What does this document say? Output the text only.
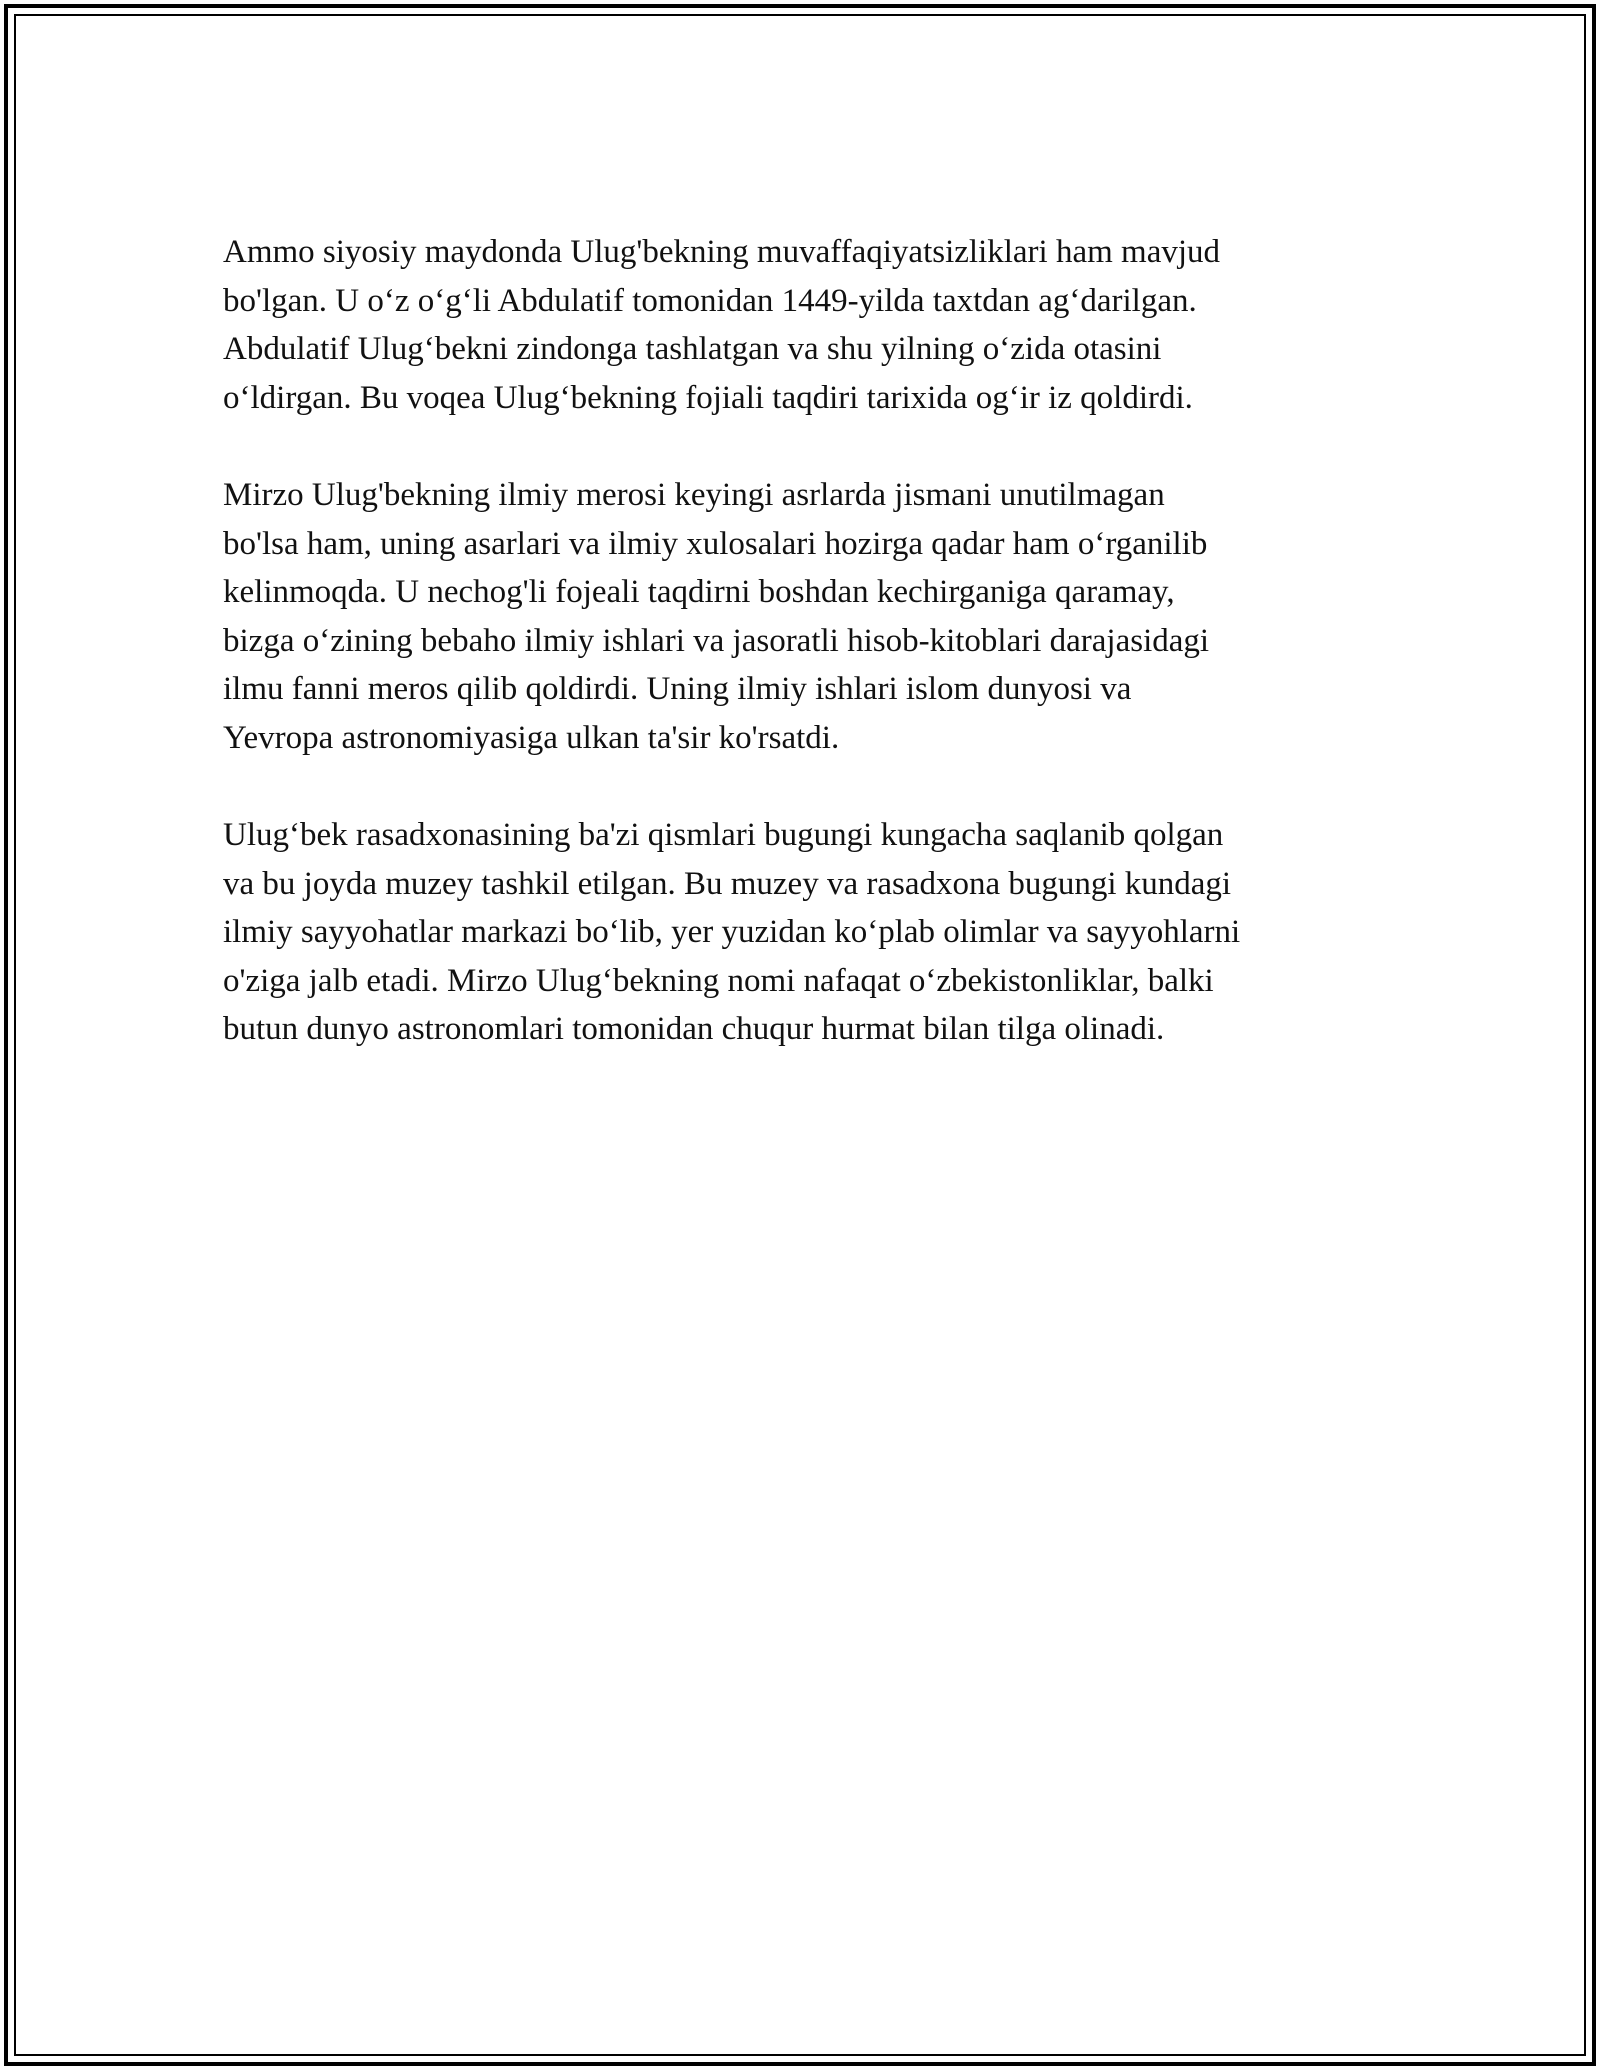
Ammo siyosiy maydonda Ulug'bekning muvaffaqiyatsizliklari ham mavjud
bo'lgan. U o‘z o‘g‘li Abdulatif tomonidan 1449-yilda taxtdan ag‘darilgan.
Abdulatif Ulug‘bekni zindonga tashlatgan va shu yilning o‘zida otasini
o‘ldirgan. Bu voqea Ulug‘bekning fojiali taqdiri tarixida og‘ir iz qoldirdi.

Mirzo Ulug'bekning ilmiy merosi keyingi asrlarda jismani unutilmagan
bo'lsa ham, uning asarlari va ilmiy xulosalari hozirga qadar ham o‘rganilib
kelinmoqda. U nechog'li fojeali taqdirni boshdan kechirganiga qaramay,
bizga o‘zining bebaho ilmiy ishlari va jasoratli hisob-kitoblari darajasidagi
ilmu fanni meros qilib qoldirdi. Uning ilmiy ishlari islom dunyosi va
Yevropa astronomiyasiga ulkan ta'sir ko'rsatdi.

Ulug‘bek rasadxonasining ba'zi qismlari bugungi kungacha saqlanib qolgan
va bu joyda muzey tashkil etilgan. Bu muzey va rasadxona bugungi kundagi
ilmiy sayyohatlar markazi bo‘lib, yer yuzidan ko‘plab olimlar va sayyohlarni
o'ziga jalb etadi. Mirzo Ulug‘bekning nomi nafaqat o‘zbekistonliklar, balki
butun dunyo astronomlari tomonidan chuqur hurmat bilan tilga olinadi.
